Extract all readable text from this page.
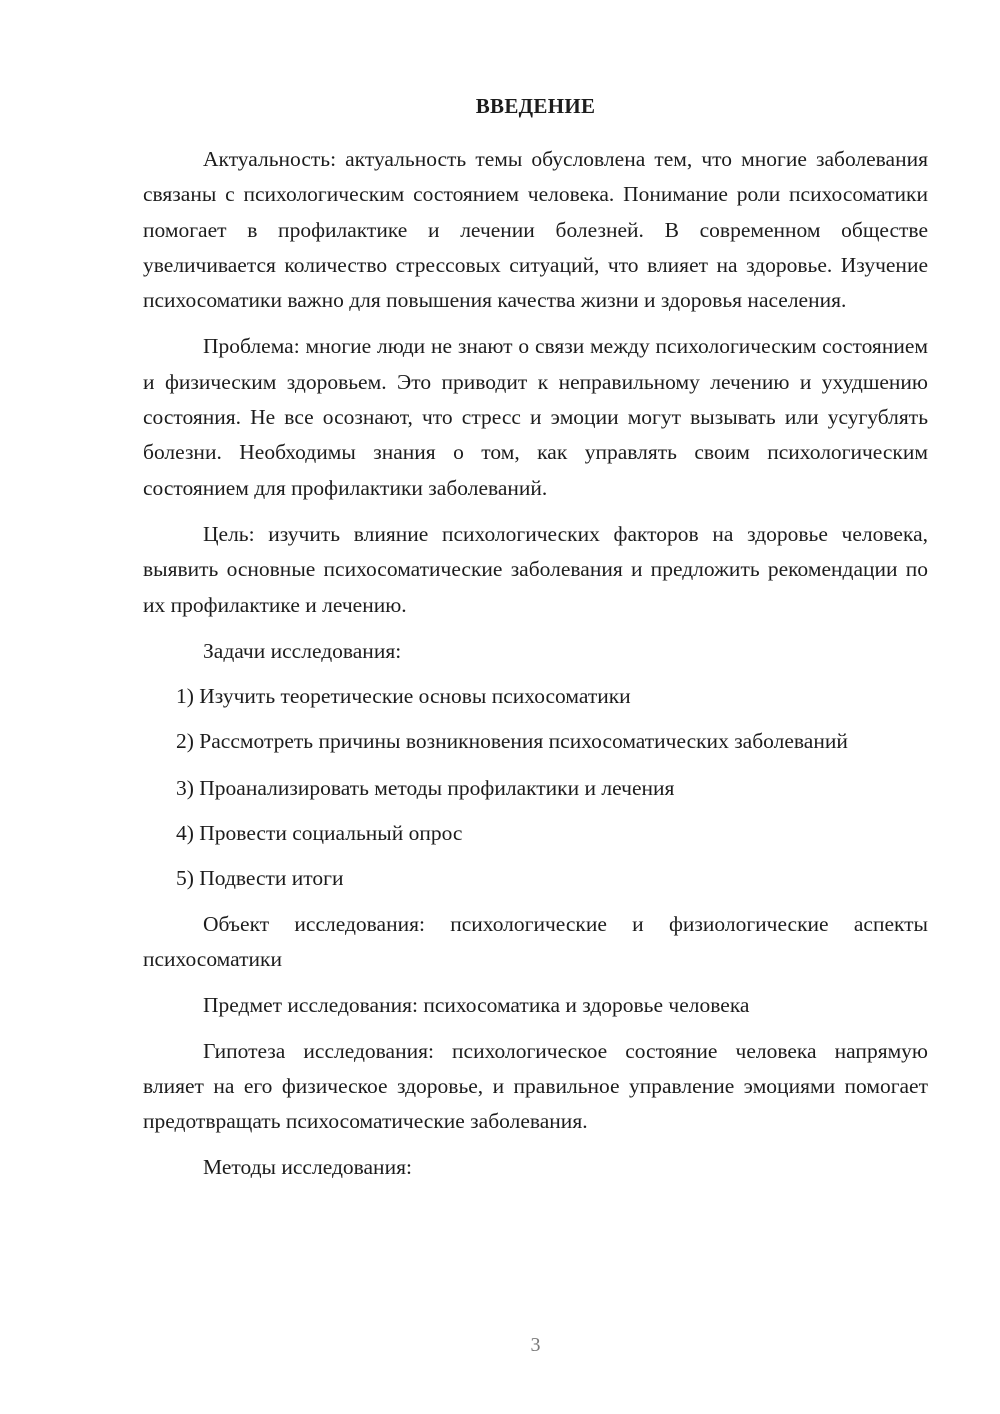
ВВЕДЕНИЕ

Актуальность: актуальность темы обусловлена тем, что многие заболевания связаны с психологическим состоянием человека. Понимание роли психосоматики помогает в профилактике и лечении болезней. В современном обществе увеличивается количество стрессовых ситуаций, что влияет на здоровье. Изучение психосоматики важно для повышения качества жизни и здоровья населения.

Проблема: многие люди не знают о связи между психологическим состоянием и физическим здоровьем. Это приводит к неправильному лечению и ухудшению состояния. Не все осознают, что стресс и эмоции могут вызывать или усугублять болезни. Необходимы знания о том, как управлять своим психологическим состоянием для профилактики заболеваний.

Цель: изучить влияние психологических факторов на здоровье человека, выявить основные психосоматические заболевания и предложить рекомендации по их профилактике и лечению.

Задачи исследования:

1) Изучить теоретические основы психосоматики

2) Рассмотреть причины возникновения психосоматических заболеваний

3) Проанализировать методы профилактики и лечения

4) Провести социальный опрос

5) Подвести итоги

Объект исследования: психологические и физиологические аспекты психосоматики

Предмет исследования: психосоматика и здоровье человека

Гипотеза исследования: психологическое состояние человека напрямую влияет на его физическое здоровье, и правильное управление эмоциями помогает предотвращать психосоматические заболевания.

Методы исследования:

3
